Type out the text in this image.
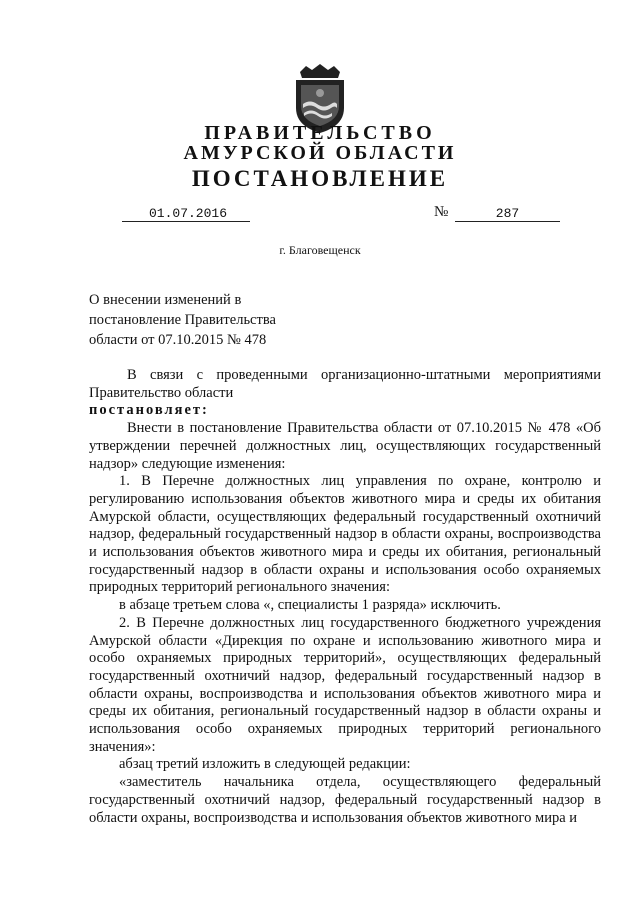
ПРАВИТЕЛЬСТВО
АМУРСКОЙ ОБЛАСТИ
ПОСТАНОВЛЕНИЕ
01.07.2016	№	287
г. Благовещенск
О внесении изменений в
постановление Правительства
области от 07.10.2015 № 478

В связи с проведенными организационно-штатными мероприятиями Правительство области

постановляет:

Внести в постановление Правительства области от 07.10.2015 № 478 «Об утверждении перечней должностных лиц, осуществляющих государственный надзор» следующие изменения:

1. В Перечне должностных лиц управления по охране, контролю и регулированию использования объектов животного мира и среды их обитания Амурской области, осуществляющих федеральный государственный охотничий надзор, федеральный государственный надзор в области охраны, воспроизводства и использования объектов животного мира и среды их обитания, региональный государственный надзор в области охраны и использования особо охраняемых природных территорий регионального значения:

в абзаце третьем слова «, специалисты 1 разряда» исключить.

2. В Перечне должностных лиц государственного бюджетного учреждения Амурской области «Дирекция по охране и использованию животного мира и особо охраняемых природных территорий», осуществляющих федеральный государственный охотничий надзор, федеральный государственный надзор в области охраны, воспроизводства и использования объектов животного мира и среды их обитания, региональный государственный надзор в области охраны и использования особо охраняемых природных территорий регионального значения»:

абзац третий изложить в следующей редакции:

«заместитель начальника отдела, осуществляющего федеральный государственный охотничий надзор, федеральный государственный надзор в области охраны, воспроизводства и использования объектов животного мира и
